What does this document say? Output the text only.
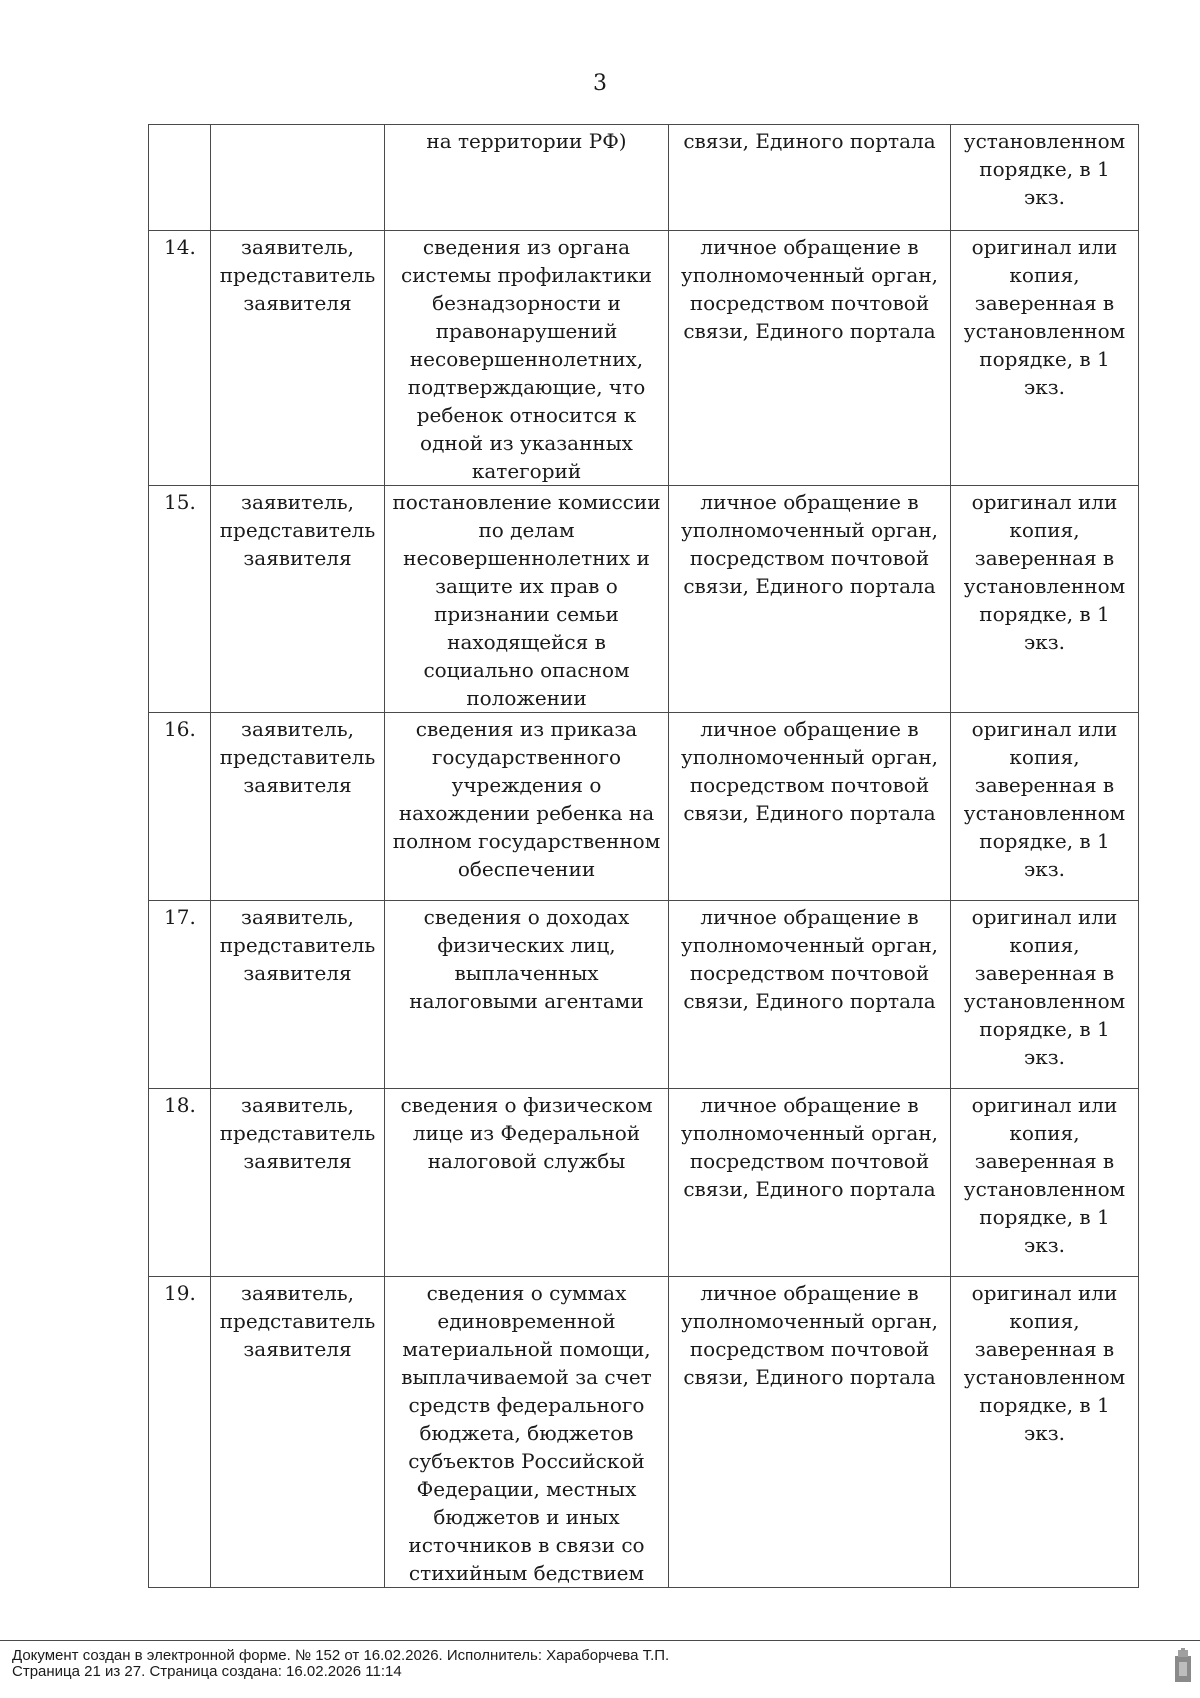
3
		на территории РФ)	связи, Единого портала	установленном порядке, в 1 экз.
14.	заявитель, представитель заявителя	сведения из органа системы профилактики безнадзорности и правонарушений несовершеннолетних, подтверждающие, что ребенок относится к одной из указанных категорий	личное обращение в уполномоченный орган, посредством почтовой связи, Единого портала	оригинал или копия, заверенная в установленном порядке, в 1 экз.
15.	заявитель, представитель заявителя	постановление комиссии по делам несовершеннолетних и защите их прав о признании семьи находящейся в социально опасном положении	личное обращение в уполномоченный орган, посредством почтовой связи, Единого портала	оригинал или копия, заверенная в установленном порядке, в 1 экз.
16.	заявитель, представитель заявителя	сведения из приказа государственного учреждения о нахождении ребенка на полном государственном обеспечении	личное обращение в уполномоченный орган, посредством почтовой связи, Единого портала	оригинал или копия, заверенная в установленном порядке, в 1 экз.
17.	заявитель, представитель заявителя	сведения о доходах физических лиц, выплаченных налоговыми агентами	личное обращение в уполномоченный орган, посредством почтовой связи, Единого портала	оригинал или копия, заверенная в установленном порядке, в 1 экз.
18.	заявитель, представитель заявителя	сведения о физическом лице из Федеральной налоговой службы	личное обращение в уполномоченный орган, посредством почтовой связи, Единого портала	оригинал или копия, заверенная в установленном порядке, в 1 экз.
19.	заявитель, представитель заявителя	сведения о суммах единовременной материальной помощи, выплачиваемой за счет средств федерального бюджета, бюджетов субъектов Российской Федерации, местных бюджетов и иных источников в связи со стихийным бедствием	личное обращение в уполномоченный орган, посредством почтовой связи, Единого портала	оригинал или копия, заверенная в установленном порядке, в 1 экз.
Документ создан в электронной форме. № 152 от 16.02.2026. Исполнитель: Хараборчева Т.П.
Страница 21 из 27. Страница создана: 16.02.2026 11:14
